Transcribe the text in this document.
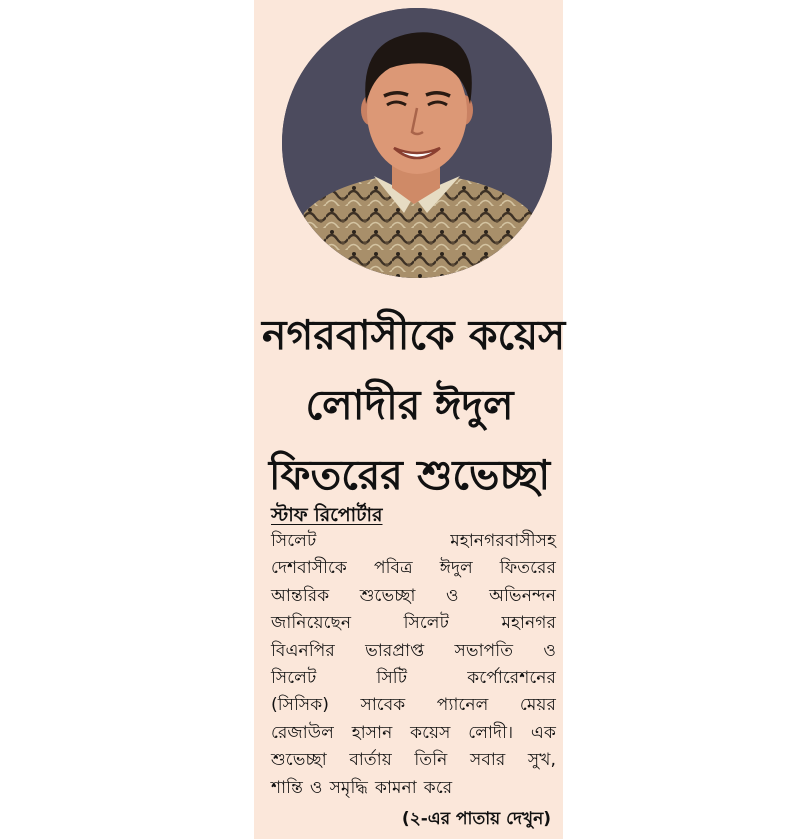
নগরবাসীকে কয়েস
লোদীর ঈদুল
ফিতরের শুভেচ্ছা

স্টাফ রিপোর্টার

সিলেট	মহানগরবাসীসহ
দেশবাসীকে পবিত্র ঈদুল ফিতরের
আন্তরিক শুভেচ্ছা ও অভিনন্দন
জানিয়েছেন	সিলেট	মহানগর
বিএনপির ভারপ্রাপ্ত সভাপতি ও
সিলেট	সিটি	কর্পোরেশনের
(সিসিক) সাবেক প্যানেল মেয়র
রেজাউল হাসান কয়েস লোদী। এক
শুভেচ্ছা বার্তায় তিনি সবার সুখ,
শান্তি ও সমৃদ্ধি কামনা করে

(২-এর পাতায় দেখুন)
